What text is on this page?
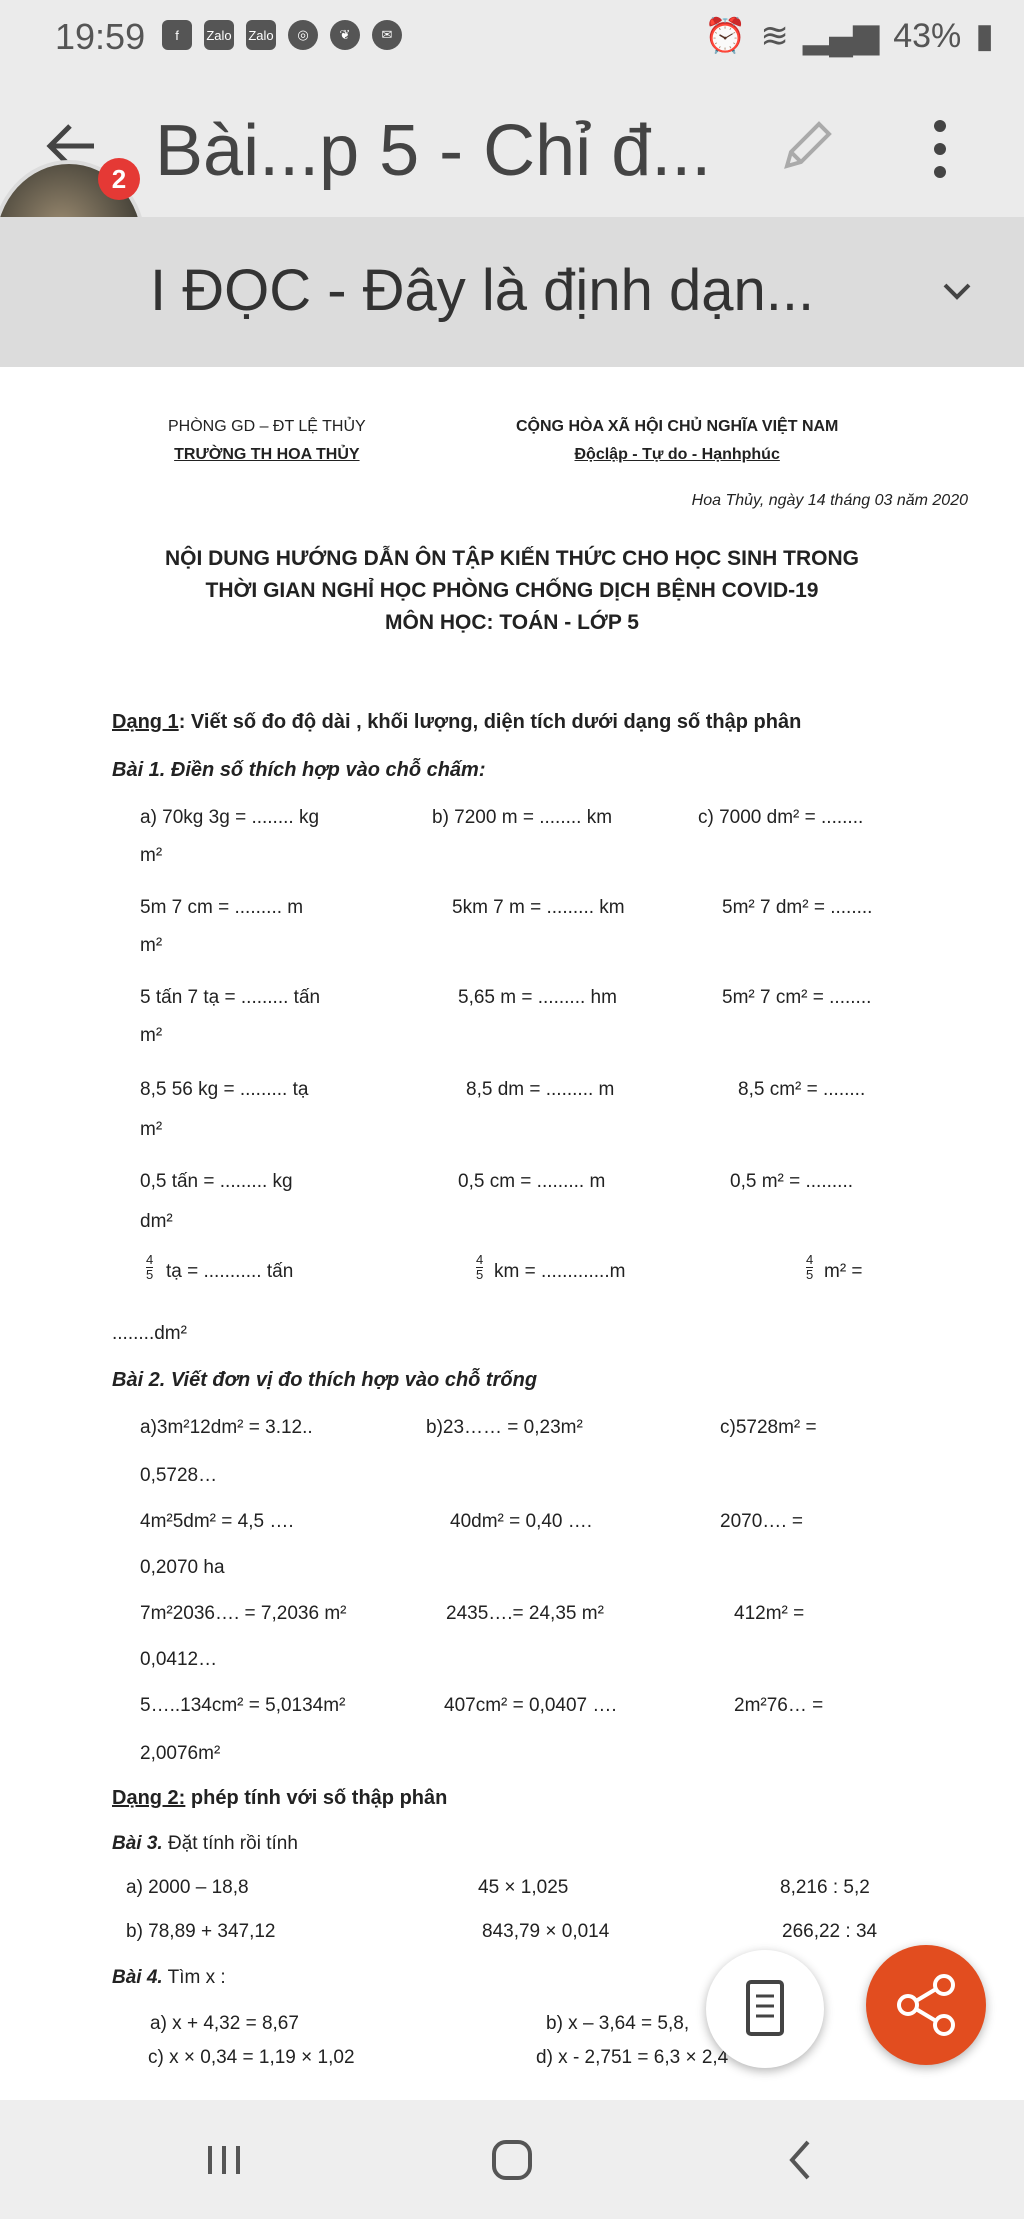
19:59	f	Zalo Zalo	◎	❦	✉	⏰ ≋ ▂▄▆ 43% ▮
Bài...p 5 - Chỉ đ...
2
I ĐỌC - Đây là định dạn...
PHÒNG GD – ĐT LỆ THỦY
TRƯỜNG TH HOA THỦY
CỘNG HÒA XÃ HỘI CHỦ NGHĨA VIỆT NAM
Độclập - Tự do - Hạnhphúc
Hoa Thủy, ngày 14 tháng 03 năm 2020
NỘI DUNG HƯỚNG DẪN ÔN TẬP KIẾN THỨC CHO HỌC SINH TRONG
THỜI GIAN NGHỈ HỌC PHÒNG CHỐNG DỊCH BỆNH COVID-19
MÔN HỌC: TOÁN - LỚP 5
Dạng 1: Viết số đo độ dài , khối lượng, diện tích dưới dạng số thập phân
Bài 1. Điền số thích hợp vào chỗ chấm:
a) 70kg 3g = ........ kg	b) 7200 m = ........ km	c) 7000 dm² = ........
m²
5m 7 cm = ......... m	5km 7 m = ......... km	5m² 7 dm² = ........
m²
5 tấn 7 tạ = ......... tấn	5,65 m = ......... hm	5m² 7 cm² = ........
m²
8,5 56 kg = ......... tạ	8,5 dm = ......... m	8,5 cm² = ........
m²
0,5 tấn = ......... kg	0,5 cm = ......... m	0,5 m² = .........
dm²
$\frac{4}{5}$ tạ = ........... tấn	$\frac{4}{5}$ km = .............m	$\frac{4}{5} m^2$ =
........dm²
Bài 2. Viết đơn vị đo thích hợp vào chỗ trống
a)3m²12dm² = 3.12..	b)23…… = 0,23m²	c)5728m² =
0,5728…
4m²5dm² = 4,5 ….	40dm² = 0,40 ….	2070…. =
0,2070 ha
7m²2036…. = 7,2036 m²	2435….= 24,35 m²	412m² =
0,0412…
5…..134cm² = 5,0134m²	407cm² = 0,0407 ….	2m²76… =
2,0076m²
Dạng 2: phép tính với số thập phân
Bài 3. Đặt tính rồi tính
a) 2000 – 18,8	45 × 1,025	8,216 : 5,2
b) 78,89 + 347,12	843,79 × 0,014	266,22 : 34
Bài 4. Tìm x :
a) x + 4,32 = 8,67	b) x – 3,64 = 5,8,
c) x × 0,34 = 1,19 × 1,02	d) x - 2,751 = 6,3 × 2,4
